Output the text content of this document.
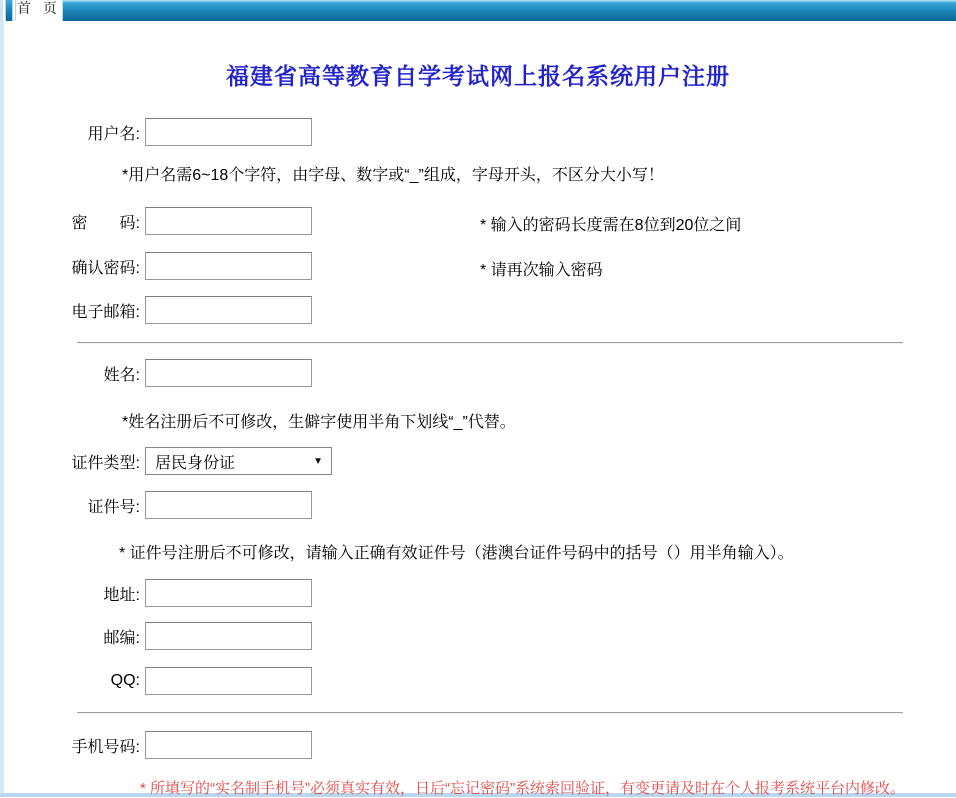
首 页
福建省高等教育自学考试网上报名系统用户注册
用户名:
*用户名需6~18个字符，由字母、数字或“_”组成，字母开头，不区分大小写！
密　　码:	* 输入的密码长度需在8位到20位之间
确认密码:	* 请再次输入密码
电子邮箱:
姓名:
*姓名注册后不可修改，生僻字使用半角下划线“_”代替。
证件类型: 居民身份证	▼
证件号:
* 证件号注册后不可修改，请输入正确有效证件号（港澳台证件号码中的括号（）用半角输入）。
地址:
邮编:
QQ:
手机号码:
* 所填写的“实名制手机号”必须真实有效，日后“忘记密码”系统索回验证，有变更请及时在个人报考系统平台内修改。
